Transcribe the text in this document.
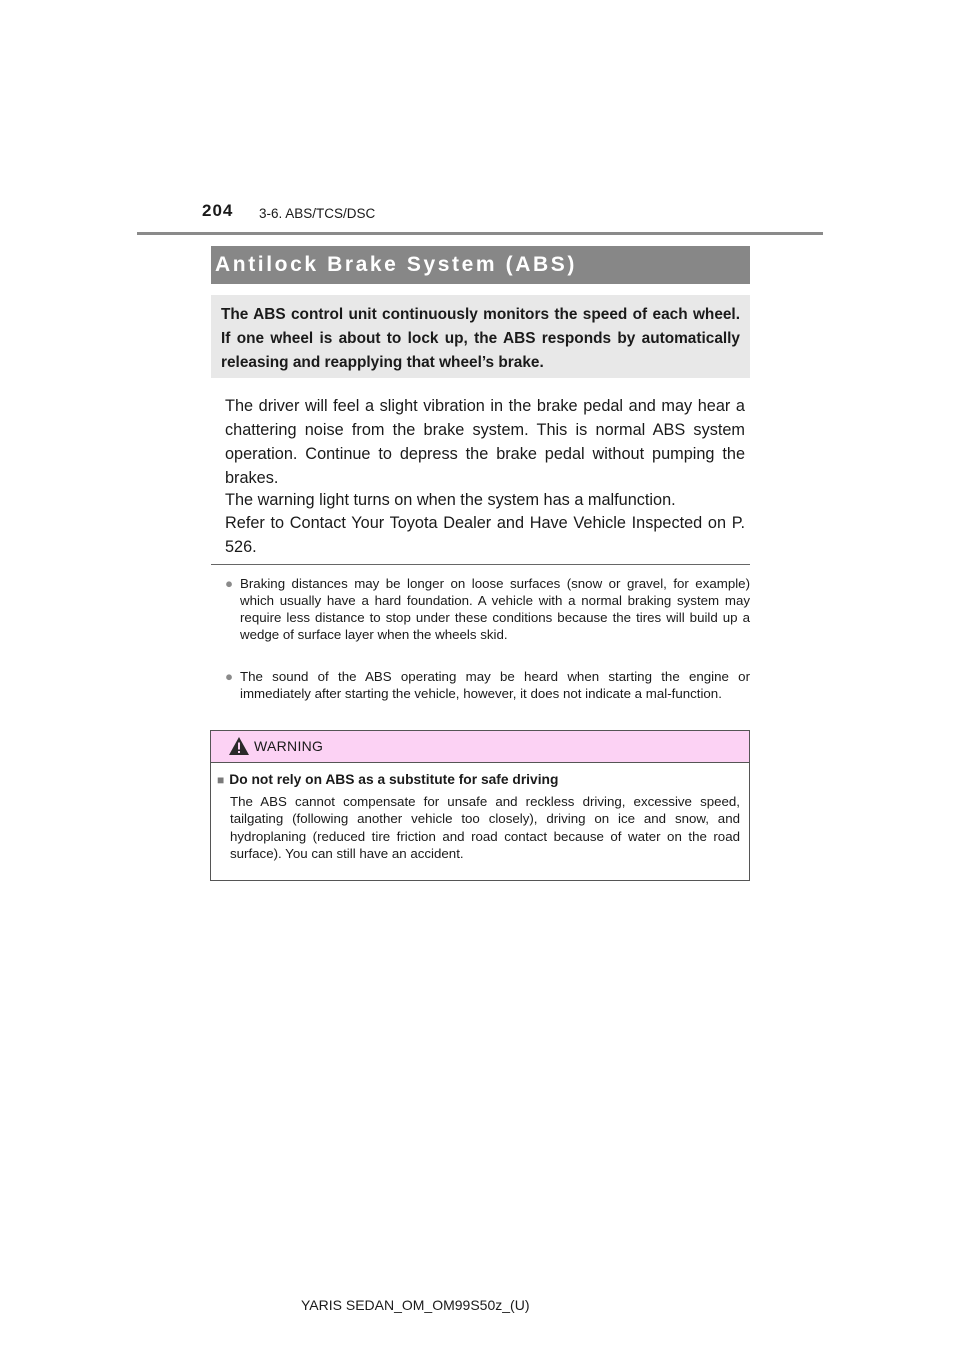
204 3-6. ABS/TCS/DSC
Antilock Brake System (ABS)
The ABS control unit continuously monitors the speed of each wheel. If one wheel is about to lock up, the ABS responds by automatically releasing and reapplying that wheel’s brake.
The driver will feel a slight vibration in the brake pedal and may hear a chattering noise from the brake system. This is normal ABS system operation. Continue to depress the brake pedal without pumping the brakes.
The warning light turns on when the system has a malfunction.
Refer to Contact Your Toyota Dealer and Have Vehicle Inspected on P. 526.
● Braking distances may be longer on loose surfaces (snow or gravel, for example) which usually have a hard foundation. A vehicle with a normal braking system may require less distance to stop under these conditions because the tires will build up a wedge of surface layer when the wheels skid.
● The sound of the ABS operating may be heard when starting the engine or immediately after starting the vehicle, however, it does not indicate a mal-function.
WARNING
■ Do not rely on ABS as a substitute for safe driving
The ABS cannot compensate for unsafe and reckless driving, excessive speed, tailgating (following another vehicle too closely), driving on ice and snow, and hydroplaning (reduced tire friction and road contact because of water on the road surface). You can still have an accident.
YARIS SEDAN_OM_OM99S50z_(U)
